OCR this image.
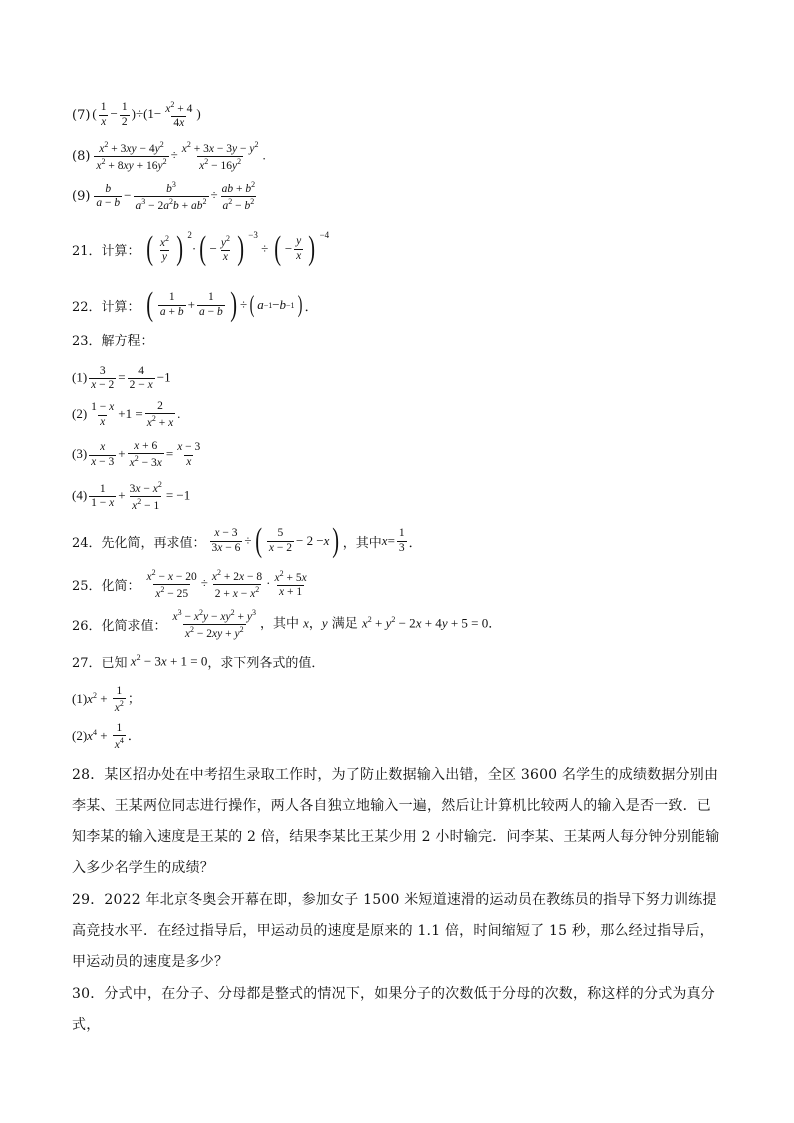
(7) ( $\frac{1}{x} - \frac{1}{2} )\div(1- \frac{x^2 + 4}{4x}$ )
$(8) \frac{x^2 + 3xy - 4y^2}{x^2 + 8xy + 16y^2} \div \frac{x^2 + 3x - 3y - y^2}{x^2 - 16y^2}$ .
$(9) \frac{b}{a - b} - \frac{b^3}{a^3 - 2a^2b + ab^2} \div \frac{ab + b^2}{a^2 - b^2}$
21．计算： ( $\frac{x^2}{y}$ ) 2
· ( − $\frac{y^2}{x}$ ) −3
÷ ( − $\frac{y}{x}$ ) −4
22．计算： ( $\frac{1}{a + b} + \frac{1}{a - b}$ ) ÷ ( a −1 − b −1 ) ．
23．解方程：
$(1) \frac{3}{x - 2} = \frac{4}{2 - x} -1$
$(2) \frac{1 - x}{x} +1 = \frac{2}{x^2 + x}$ .
$(3) \frac{x}{x - 3} + \frac{x + 6}{x^2 - 3x} = \frac{x - 3}{x}$
$(4) \frac{1}{1 - x} + \frac{3x - x^2}{x^2 - 1} = -1$
24．先化简，再求值： $\frac{x - 3}{3x - 6}$ ÷ ( $\frac{5}{x - 2} - 2 - x$ ) ，其中 $x = \frac{1}{3}$ ．
25．化简： $\frac{x^2 - x - 20}{x^2 - 25} \div \frac{x^2 + 2x - 8}{2 + x - x^2} \cdot \frac{x^2 + 5x}{x + 1}$
26．化简求值： $\frac{x^3 - x^2y - xy^2 + y^3}{x^2 - 2xy + y^2}$ ，其中 x，y 满足 $x^2 + y^2 - 2x + 4y + 5 = 0$．
27．已知 $x^2 - 3x + 1 = 0$ ，求下列各式的值．
$(1)x^2 + \frac{1}{x^2}$ ；
$(2)x^4 + \frac{1}{x^4}$ ．
28．某区招办处在中考招生录取工作时，为了防止数据输入出错，全区 3600 名学生的成绩数据分别由李某、王某两位同志进行操作，两人各自独立地输入一遍，然后让计算机比较两人的输入是否一致．已知李某的输入速度是王某的 2 倍，结果李某比王某少用 2 小时输完．问李某、王某两人每分钟分别能输入多少名学生的成绩？
29．2022 年北京冬奥会开幕在即，参加女子 1500 米短道速滑的运动员在教练员的指导下努力训练提高竞技水平．在经过指导后，甲运动员的速度是原来的 1.1 倍，时间缩短了 15 秒，那么经过指导后，甲运动员的速度是多少？
30．分式中，在分子、分母都是整式的情况下，如果分子的次数低于分母的次数，称这样的分式为真分式，
